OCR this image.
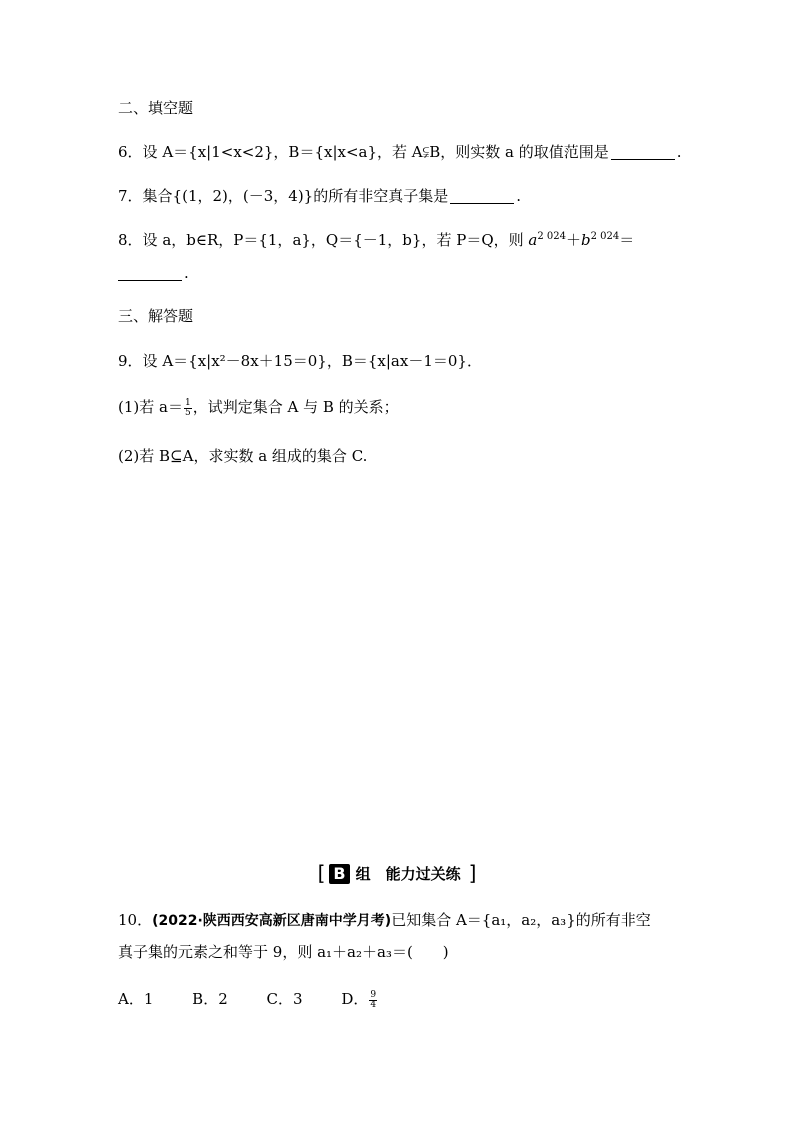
二、填空题
6．设 A＝{x|1<x<2}，B＝{x|x<a}，若 A⫋B，则实数 a 的取值范围是	.
7．集合{(1，2)，(－3，4)}的所有非空真子集是	.
8．设 a，b∈R，P＝{1，a}，Q＝{－1，b}，若 P＝Q，则 $a^{2 024}+b^{2 024}=$
.
三、解答题
9．设 A＝{x|x²－8x＋15＝0}，B＝{x|ax－1＝0}．
(1)若 $a= \frac{1}{5}$ ，试判定集合 A 与 B 的关系；
(2)若 B⊆A，求实数 a 组成的集合 C.
[ B 组　能力过关练 ]
10．(2022·陕西西安高新区唐南中学月考)已知集合 A＝{a₁，a₂，a₃}的所有非空
真子集的元素之和等于 9，则 a₁＋a₂＋a₃＝(　　)
A．1	B．2	C．3	D． $\frac{9}{4}$
